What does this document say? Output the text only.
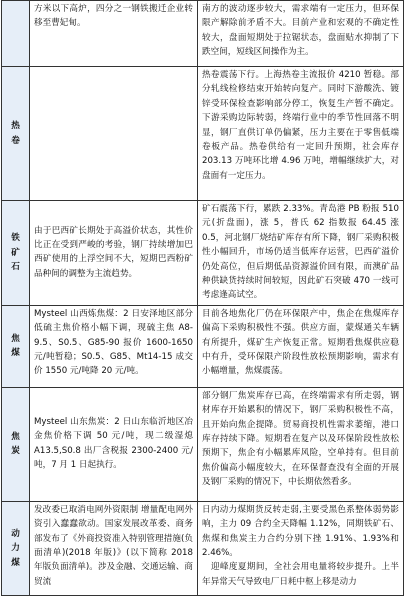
	方米以下高炉，四分之一钢铁搬迁企业转移至曹妃甸。	南方的波动逐步较大，需求端有一定压力，但环保限产解除前矛盾不大。目前产业和宏观的不确定性较大，盘面短期处于拉锯状态，盘面贴水抑制了下跌空间，短线区间操作为主。

热卷		热卷震荡下行。上海热卷主流报价 4210 暂稳。部分轧线检修结束开始转向复产。同时下游酸洗、镀锌受环保检查影响部分停工，恢复生产暂不确定。下游采购边际转弱，终端行业中的季节性回落不明显，钢厂直供订单仍偏紧，压力主要在于零售低端卷板产品。热卷供给有一定回升预期，社会库存 203.13 万吨环比增 4.96 万吨，增幅继续扩大，对盘面有一定压力。

铁矿石	由于巴西矿长期处于高溢价状态，其性价比正在受到严峻的考验，钢厂持续增加巴西矿使用的上浮空间不大，短期巴西粉矿品种间的调整为主流趋势。	矿石震荡下行，累跌 2.33%。青岛港 PB 粉报 510 元(折盘面)，涨 5，普氏 62 指数报 64.45 涨 0.5，河北钢厂烧结矿库存有所下降，钢厂采购积极性小幅回升，市场仍适当低库存运营，巴西矿溢价仍处高位，但后期低品资源溢价回有限，而澳矿品种供缺货持续时间较短，因此矿石突破 470 一线可考虑逢高试空。

焦煤	Mysteel 山西炼焦煤：2 日安泽地区部分低硫主焦价格小幅下调，现硫主焦 A8-9.5、S0.5、G85-90 报价 1600-1650 元/吨暂稳；S0.5、G85、Mt14-15 成交价 1550 元/吨降 20 元/吨。	目前各地焦化厂仍在环保限产中，焦企在焦煤库存偏高下采购积极性不强。供应方面，蒙煤通关车辆有所提升，煤矿生产恢复正常。短期看焦煤供应稳中有升，受环保限产阶段性放松预期影响，需求有小幅增量，焦煤震荡。

焦炭	Mysteel 山东焦炭：2 日山东临沂地区冶金焦价格下调 50 元/吨，现二级湿熄 A13.5,S0.8 出厂含税报 2300-2400 元/吨，7 月 1 日起执行。	部分钢厂焦炭库存已高，在终端需求有所走弱，钢材库存开始累积的情况下，钢厂采购积极性不高，且开始向焦企提降。贸易商投机性需求萎缩，港口库存持续下降。短期看在复产以及环保阶段性放松预期下，焦企有小幅累库风险，空单持有。但目前焦价偏高小幅度较大，在环保督查没有全面的开展及钢厂采购的情况下，中长期依然看多。

动力煤	发改委已取消电网外资限制 增量配电网外资引入蠢蠢欲动。国家发展改革委、商务部发布了《外商投资准入特别管理措施(负面清单)(2018 年版)》(以下简称 2018 年版负面清单)。涉及金融、交通运输、商贸流	日内动力煤期货反转走弱,主要受黑色系整体弱势影响，主力 09 合约全天降幅 1.12%，同期铁矿石、焦煤和焦炭主力合约分别下挫 1.91%、1.93%和 2.46%。
　迎峰度夏期间，全社会用电量将较步提升。上半年异常天气导致电厂日耗中枢上移是动力
